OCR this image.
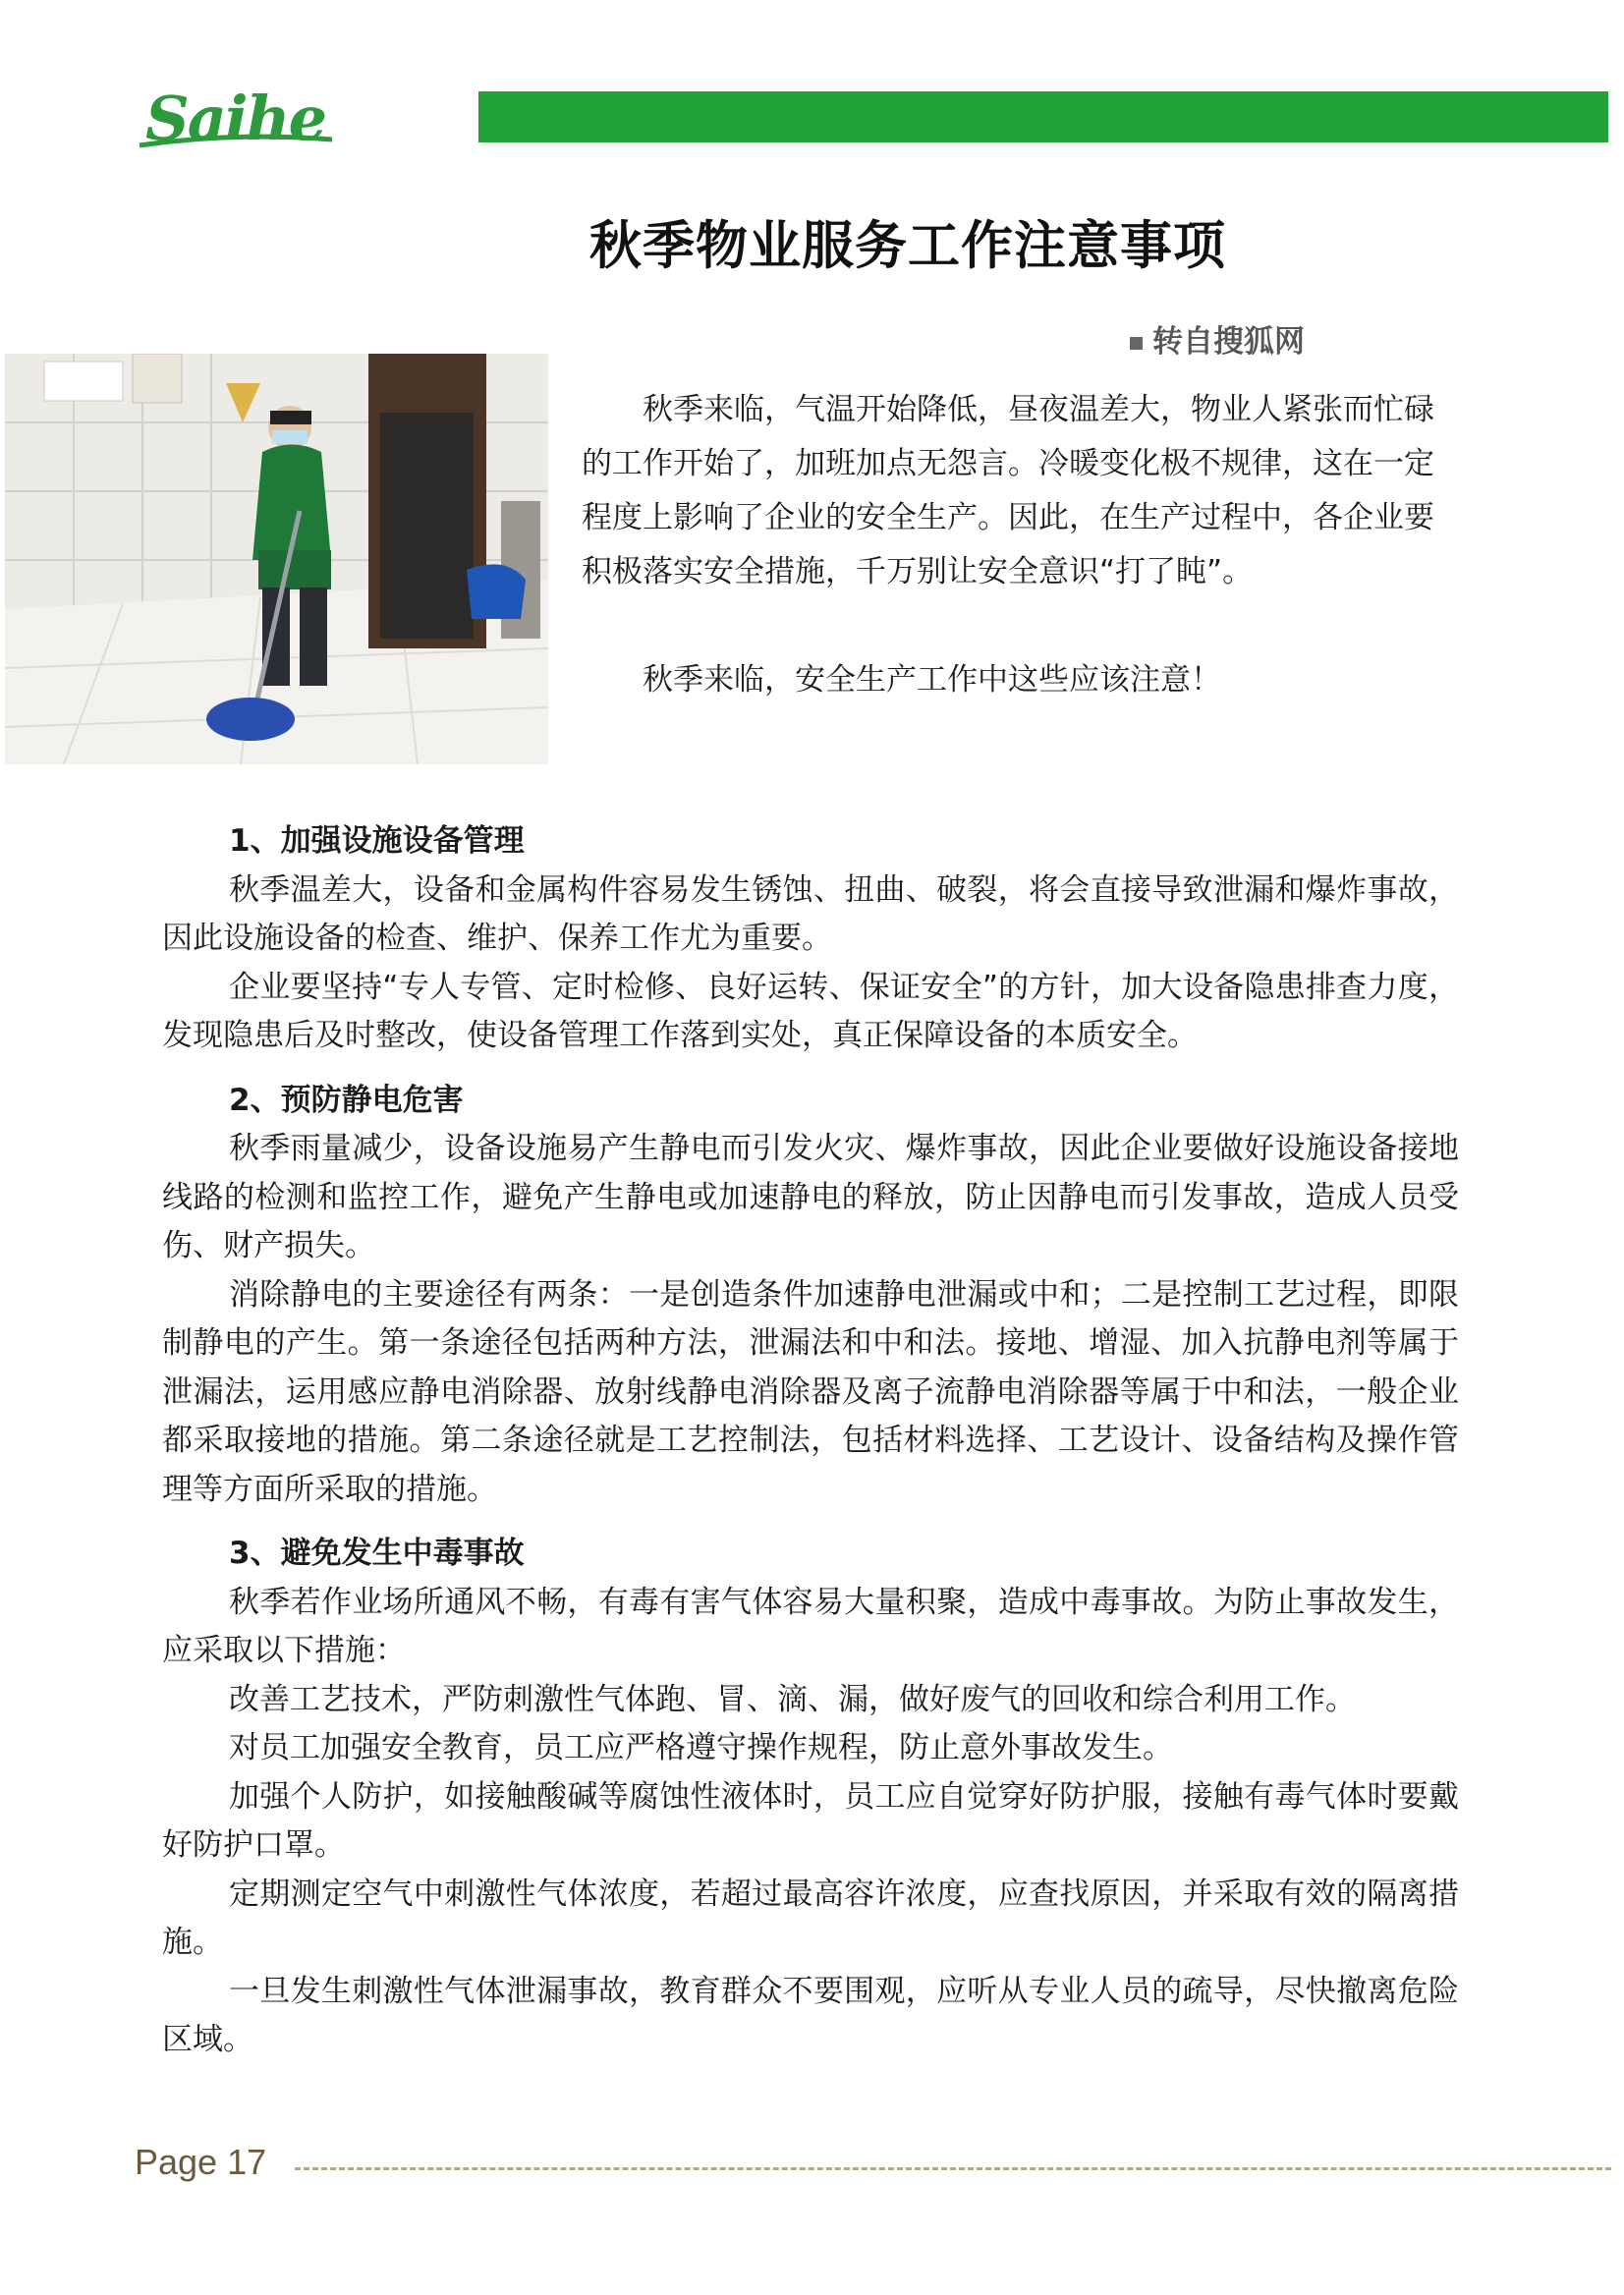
Saihe
秋季物业服务工作注意事项
转自搜狐网

秋季来临，气温开始降低，昼夜温差大，物业人紧张而忙碌的工作开始了，加班加点无怨言。冷暖变化极不规律，这在一定程度上影响了企业的安全生产。因此，在生产过程中，各企业要积极落实安全措施，千万别让安全意识“打了盹”。

秋季来临，安全生产工作中这些应该注意！

1、加强设施设备管理

秋季温差大，设备和金属构件容易发生锈蚀、扭曲、破裂，将会直接导致泄漏和爆炸事故，因此设施设备的检查、维护、保养工作尤为重要。

企业要坚持“专人专管、定时检修、良好运转、保证安全”的方针，加大设备隐患排查力度，发现隐患后及时整改，使设备管理工作落到实处，真正保障设备的本质安全。

2、预防静电危害

秋季雨量减少，设备设施易产生静电而引发火灾、爆炸事故，因此企业要做好设施设备接地线路的检测和监控工作，避免产生静电或加速静电的释放，防止因静电而引发事故，造成人员受伤、财产损失。

消除静电的主要途径有两条：一是创造条件加速静电泄漏或中和；二是控制工艺过程，即限制静电的产生。第一条途径包括两种方法，泄漏法和中和法。接地、增湿、加入抗静电剂等属于泄漏法，运用感应静电消除器、放射线静电消除器及离子流静电消除器等属于中和法，一般企业都采取接地的措施。第二条途径就是工艺控制法，包括材料选择、工艺设计、设备结构及操作管理等方面所采取的措施。

3、避免发生中毒事故

秋季若作业场所通风不畅，有毒有害气体容易大量积聚，造成中毒事故。为防止事故发生，应采取以下措施：

改善工艺技术，严防刺激性气体跑、冒、滴、漏，做好废气的回收和综合利用工作。

对员工加强安全教育，员工应严格遵守操作规程，防止意外事故发生。

加强个人防护，如接触酸碱等腐蚀性液体时，员工应自觉穿好防护服，接触有毒气体时要戴好防护口罩。

定期测定空气中刺激性气体浓度，若超过最高容许浓度，应查找原因，并采取有效的隔离措施。

一旦发生刺激性气体泄漏事故，教育群众不要围观，应听从专业人员的疏导，尽快撤离危险区域。

Page 17
